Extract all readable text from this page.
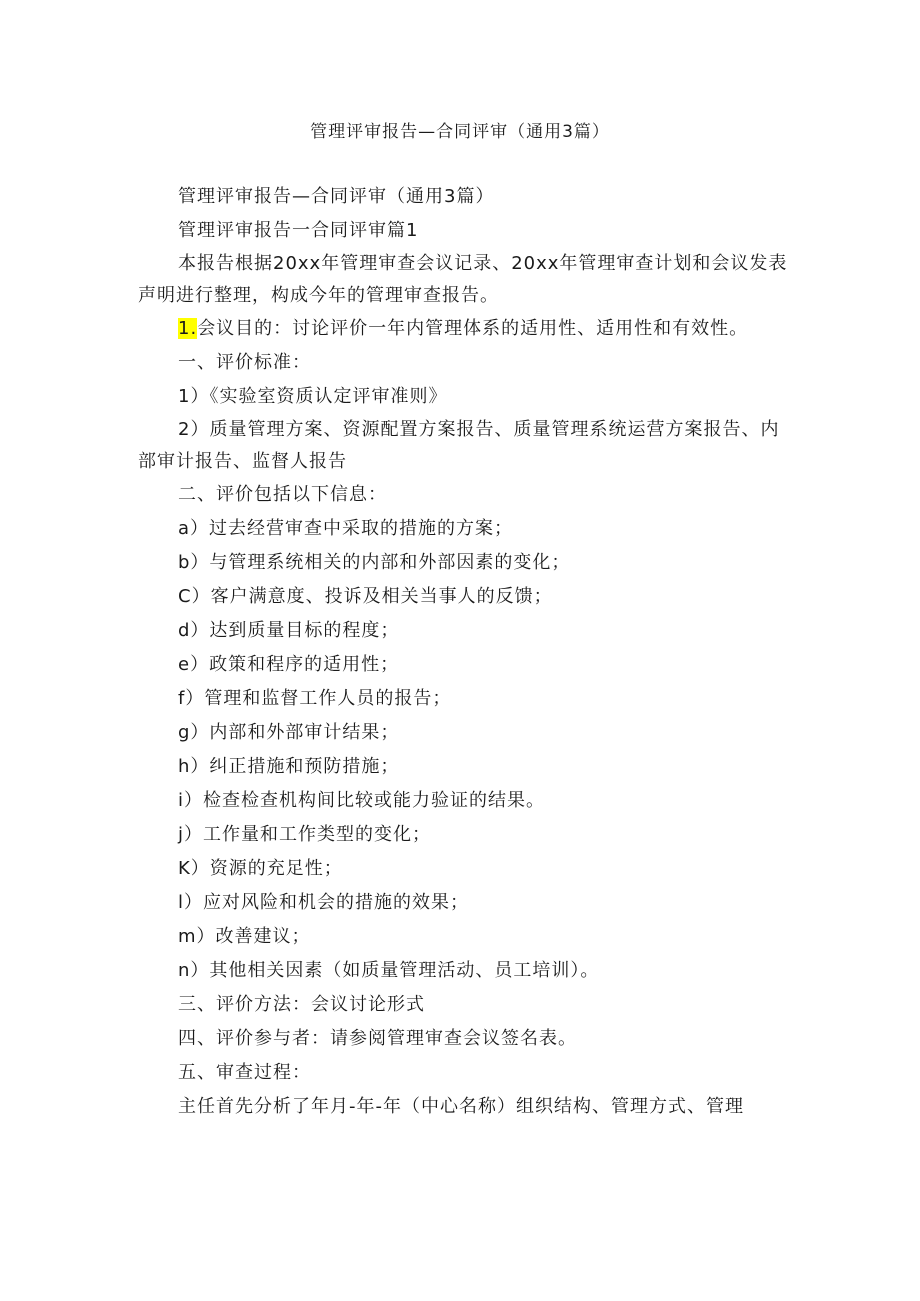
管理评审报告—合同评审（通用3篇）

管理评审报告—合同评审（通用3篇）

管理评审报告一合同评审篇1

本报告根据20xx年管理审查会议记录、20xx年管理审查计划和会议发表声明进行整理，构成今年的管理审查报告。

1.会议目的：讨论评价一年内管理体系的适用性、适用性和有效性。

一、评价标准：

1）《实验室资质认定评审准则》

2）质量管理方案、资源配置方案报告、质量管理系统运营方案报告、内部审计报告、监督人报告

二、评价包括以下信息：

a）过去经营审查中采取的措施的方案；

b）与管理系统相关的内部和外部因素的变化；

C）客户满意度、投诉及相关当事人的反馈；

d）达到质量目标的程度；

e）政策和程序的适用性；

f）管理和监督工作人员的报告；

g）内部和外部审计结果；

h）纠正措施和预防措施；

i）检查检查机构间比较或能力验证的结果。

j）工作量和工作类型的变化；

K）资源的充足性；

l）应对风险和机会的措施的效果；

m）改善建议；

n）其他相关因素（如质量管理活动、员工培训）。

三、评价方法：会议讨论形式

四、评价参与者：请参阅管理审查会议签名表。

五、审查过程：

主任首先分析了年月-年-年（中心名称）组织结构、管理方式、管理
